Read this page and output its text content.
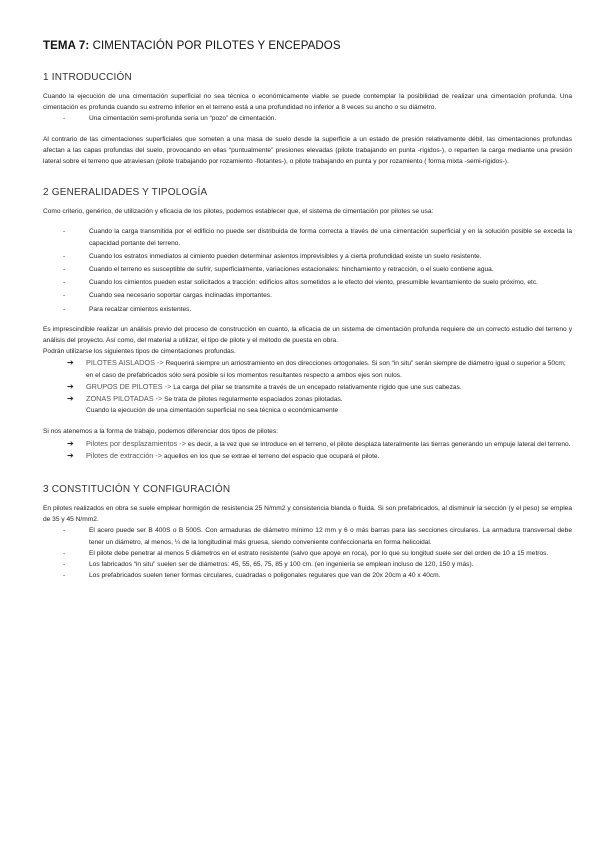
TEMA 7: CIMENTACIÓN POR PILOTES Y ENCEPADOS
1 INTRODUCCIÓN

Cuando la ejecución de una cimentación superficial no sea técnica o económicamente viable se puede contemplar la posibilidad de realizar una cimentación profunda. Una cimentación es profunda cuando su extremo inferior en el terreno está a una profundidad no inferior a 8 veces su ancho o su diámetro.

-	Una cimentación semi-profunda sería un “pozo” de cimentación.

Al contrario de las cimentaciones superficiales que someten a una masa de suelo desde la superficie a un estado de presión relativamente débil, las cimentaciones profundas afectan a las capas profundas del suelo, provocando en ellas “puntualmente” presiones elevadas (pilote trabajando en punta -rígidos-), o reparten la carga mediante una presión lateral sobre el terreno que atraviesan (pilote trabajando por rozamiento -flotantes-), o pilote trabajando en punta y por rozamiento ( forma mixta -semi-rígidos-).

2 GENERALIDADES Y TIPOLOGÍA

Como criterio, genérico, de utilización y eficacia de los pilotes, podemos establecer que, el sistema de cimentación por pilotes se usa:

-	Cuando la carga transmitida por el edificio no puede ser distribuida de forma correcta a través de una cimentación superficial y en la solución posible se exceda la capacidad portante del terreno.
-	Cuando los estratos inmediatos al cimiento pueden determinar asientos imprevisibles y a cierta profundidad existe un suelo resistente.
-	Cuando el terreno es susceptible de sufrir, superficialmente, variaciones estacionales: hinchamiento y retracción, o el suelo contiene agua.
-	Cuando los cimientos pueden estar solicitados a tracción: edificios altos sometidos a le efecto del viento, presumible levantamiento de suelo próximo, etc.
-	Cuando sea necesario soportar cargas inclinadas importantes.
-	Para recalzar cimientos existentes.

Es imprescindible realizar un análisis previo del proceso de construcción en cuanto, la eficacia de un sistema de cimentación profunda requiere de un correcto estudio del terreno y análisis del proyecto. Así como, del material a utilizar, el tipo de pilote y el método de puesta en obra.

Podrán utilizarse los siguientes tipos de cimentaciones profundas.

➔ PILOTES AISLADOS -> Requerirá siempre un arriostramiento en dos direcciones ortogonales. Si son “in situ” serán siempre de diámetro igual o superior a 50cm; en el caso de prefabricados sólo será posible si los momentos resultantes respecto a ambos ejes son nulos.
➔ GRUPOS DE PILOTES -> La carga del pilar se transmite a través de un encepado relativamente rígido que une sus cabezas.
➔ ZONAS PILOTADAS -> Se trata de pilotes regularmente espaciados zonas pilotadas.
Cuando la ejecución de una cimentación superficial no sea técnica o económicamente

Si nos atenemos a la forma de trabajo, podemos diferenciar dos tipos de pilotes:

➔ Pilotes por desplazamientos -> es decir, a la vez que se introduce en el terreno, el pilote desplaza lateralmente las tierras generando un empuje lateral del terreno.
➔ Pilotes de extracción -> aquellos en los que se extrae el terreno del espacio que ocupará el pilote.
3 CONSTITUCIÓN Y CONFIGURACIÓN

En pilotes realizados en obra se suele emplear hormigón de resistencia 25 N/mm2 y consistencia blanda o fluida. Si son prefabricados, al disminuir la sección (y el peso) se emplea de 35 y 45 N/mm2.

-	El acero puede ser B 400S o B 500S. Con armaduras de diámetro mínimo 12 mm y 6 o más barras para las secciones circulares. La armadura transversal debe tener un diámetro, al menos, ¼ de la longitudinal más gruesa, siendo conveniente confeccionarla en forma helicoidal.
-	El pilote debe penetrar al menos 5 diámetros en el estrato resistente (salvo que apoye en roca), por lo que su longitud suele ser del orden de 10 a 15 metros.
-	Los fabricados “in situ” suelen ser de diámetros: 45, 55, 65, 75, 85 y 100 cm. (en ingeniería se emplean incluso de 120, 150 y más).
-	Los prefabricados suelen tener formas circulares, cuadradas o poligonales regulares que van de 20x 20cm a 40 x 40cm.
